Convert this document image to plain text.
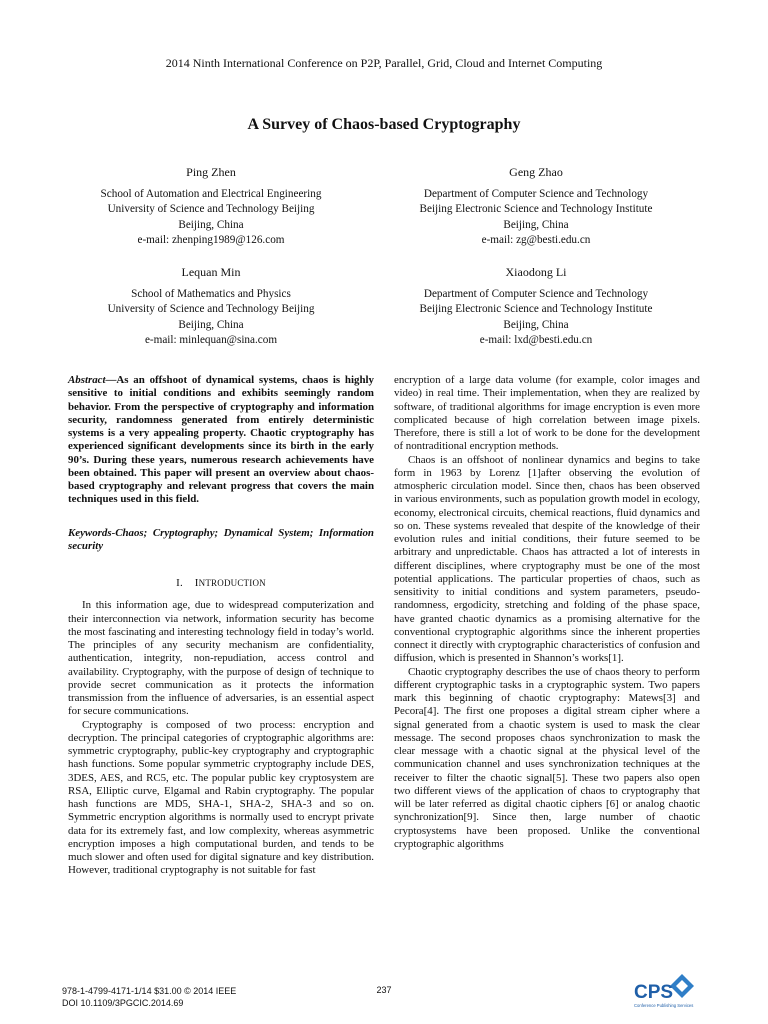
2014 Ninth International Conference on P2P, Parallel, Grid, Cloud and Internet Computing
A Survey of Chaos-based Cryptography
Ping Zhen
School of Automation and Electrical Engineering
University of Science and Technology Beijing
Beijing, China
e-mail: zhenping1989@126.com
Geng Zhao
Department of Computer Science and Technology
Beijing Electronic Science and Technology Institute
Beijing, China
e-mail: zg@besti.edu.cn
Lequan Min
School of Mathematics and Physics
University of Science and Technology Beijing
Beijing, China
e-mail: minlequan@sina.com
Xiaodong Li
Department of Computer Science and Technology
Beijing Electronic Science and Technology Institute
Beijing, China
e-mail: lxd@besti.edu.cn

Abstract—As an offshoot of dynamical systems, chaos is highly sensitive to initial conditions and exhibits seemingly random behavior. From the perspective of cryptography and information security, randomness generated from entirely deterministic systems is a very appealing property. Chaotic cryptography has experienced significant developments since its birth in the early 90’s. During these years, numerous research achievements have been obtained. This paper will present an overview about chaos-based cryptography and relevant progress that covers the main techniques used in this field.

Keywords-Chaos; Cryptography; Dynamical System; Information security

I. INTRODUCTION

In this information age, due to widespread computerization and their interconnection via network, information security has become the most fascinating and interesting technology field in today’s world. The principles of any security mechanism are confidentiality, authentication, integrity, non-repudiation, access control and availability. Cryptography, with the purpose of design of technique to provide secret communication as it protects the information transmission from the influence of adversaries, is an essential aspect for secure communications.

Cryptography is composed of two process: encryption and decryption. The principal categories of cryptographic algorithms are: symmetric cryptography, public-key cryptography and cryptographic hash functions. Some popular symmetric cryptography include DES, 3DES, AES, and RC5, etc. The popular public key cryptosystem are RSA, Elliptic curve, Elgamal and Rabin cryptography. The popular hash functions are MD5, SHA-1, SHA-2, SHA-3 and so on. Symmetric encryption algorithms is normally used to encrypt private data for its extremely fast, and low complexity, whereas asymmetric encryption imposes a high computational burden, and tends to be much slower and often used for digital signature and key distribution. However, traditional cryptography is not suitable for fast

encryption of a large data volume (for example, color images and video) in real time. Their implementation, when they are realized by software, of traditional algorithms for image encryption is even more complicated because of high correlation between image pixels. Therefore, there is still a lot of work to be done for the development of nontraditional encryption methods.

Chaos is an offshoot of nonlinear dynamics and begins to take form in 1963 by Lorenz [1]after observing the evolution of atmospheric circulation model. Since then, chaos has been observed in various environments, such as population growth model in ecology, economy, electronical circuits, chemical reactions, fluid dynamics and so on. These systems revealed that despite of the knowledge of their evolution rules and initial conditions, their future seemed to be arbitrary and unpredictable. Chaos has attracted a lot of interests in different disciplines, where cryptography must be one of the most potential applications. The particular properties of chaos, such as sensitivity to initial conditions and system parameters, pseudo-randomness, ergodicity, stretching and folding of the phase space, have granted chaotic dynamics as a promising alternative for the conventional cryptographic algorithms since the inherent properties connect it directly with cryptographic characteristics of confusion and diffusion, which is presented in Shannon’s works[1].

Chaotic cryptography describes the use of chaos theory to perform different cryptographic tasks in a cryptographic system. Two papers mark this beginning of chaotic cryptography: Matews[3] and Pecora[4]. The first one proposes a digital stream cipher where a signal generated from a chaotic system is used to mask the clear message. The second proposes chaos synchronization to mask the clear message with a chaotic signal at the physical level of the communication channel and uses synchronization techniques at the receiver to filter the chaotic signal[5]. These two papers also open two different views of the application of chaos to cryptography that will be later referred as digital chaotic ciphers [6] or analog chaotic synchronization[9]. Since then, large number of chaotic cryptosystems have been proposed. Unlike the conventional cryptographic algorithms

978-1-4799-4171-1/14 $31.00 © 2014 IEEE
DOI 10.1109/3PGCIC.2014.69
237	CPS
Conference Publishing Services
